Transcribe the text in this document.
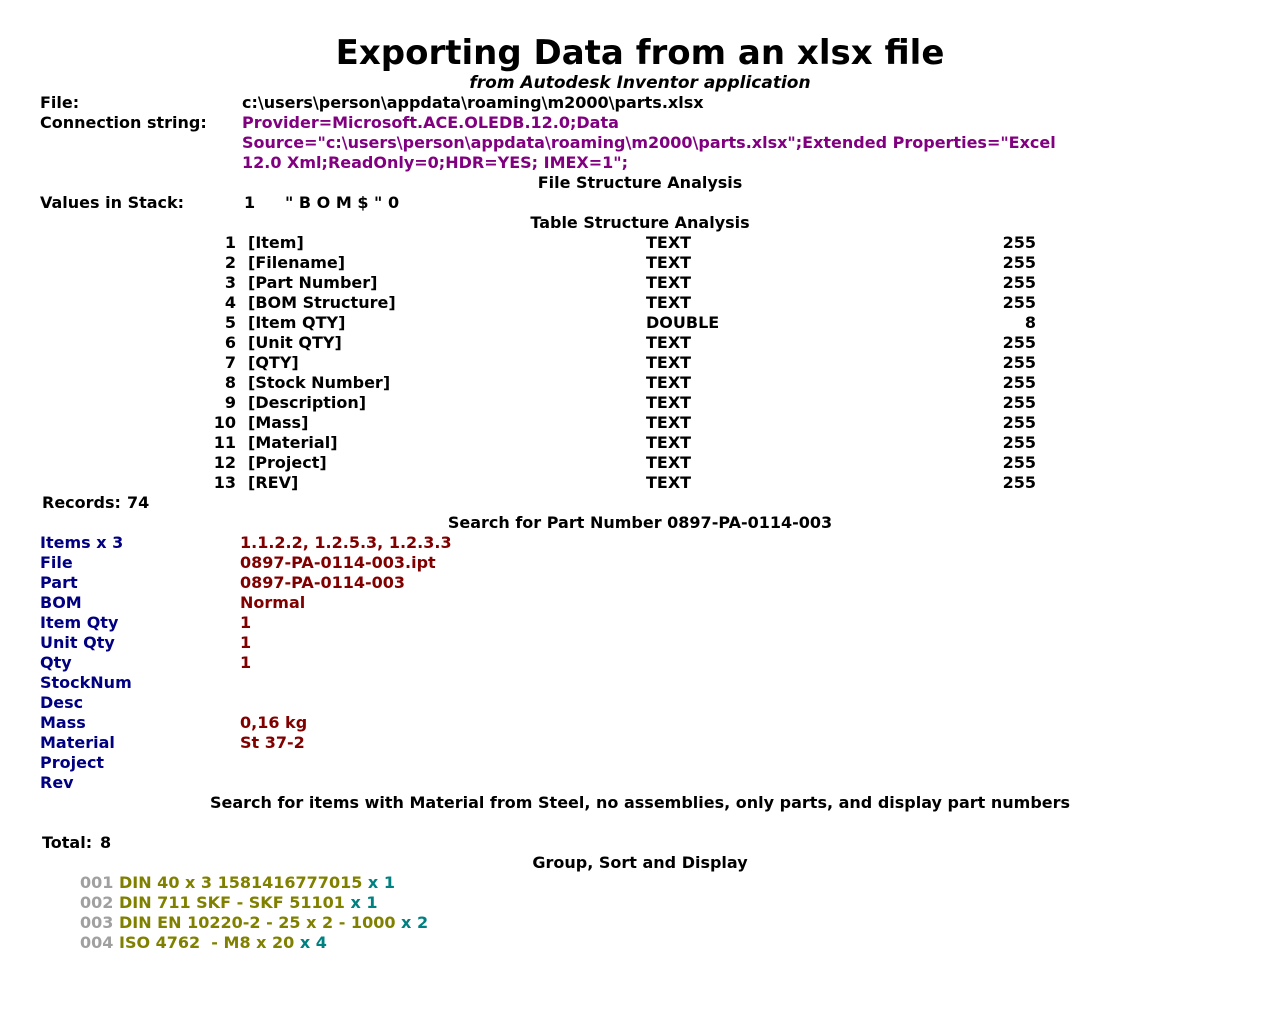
Exporting Data from an xlsx file
from Autodesk Inventor application
File:	c:\users\person\appdata\roaming\m2000\parts.xlsx
Connection string: Provider=Microsoft.ACE.OLEDB.12.0;Data
Source="c:\users\person\appdata\roaming\m2000\parts.xlsx";Extended Properties="Excel
12.0 Xml;ReadOnly=0;HDR=YES; IMEX=1";
File Structure Analysis
Values in Stack:	1 " B O M $ " 0
Table Structure Analysis
1 [Item]	TEXT	255
2 [Filename]	TEXT	255
3 [Part Number]	TEXT	255
4 [BOM Structure]	TEXT	255
5 [Item QTY]	DOUBLE	8
6 [Unit QTY]	TEXT	255
7 [QTY]	TEXT	255
8 [Stock Number]	TEXT	255
9 [Description]	TEXT	255
10 [Mass]	TEXT	255
11 [Material]	TEXT	255
12 [Project]	TEXT	255
13 [REV]	TEXT	255
Records: 74
Search for Part Number 0897-PA-0114-003
Items x 3	1.1.2.2, 1.2.5.3, 1.2.3.3
File	0897-PA-0114-003.ipt
Part	0897-PA-0114-003
BOM	Normal
Item Qty	1
Unit Qty	1
Qty	1
StockNum
Desc
Mass	0,16 kg
Material	St 37-2
Project
Rev
Search for items with Material from Steel, no assemblies, only parts, and display part numbers
Total: 8
Group, Sort and Display
001 DIN 40 x 3 1581416777015 x 1
002 DIN 711 SKF - SKF 51101 x 1
003 DIN EN 10220-2 - 25 x 2 - 1000 x 2
004 ISO 4762  - M8 x 20 x 4
